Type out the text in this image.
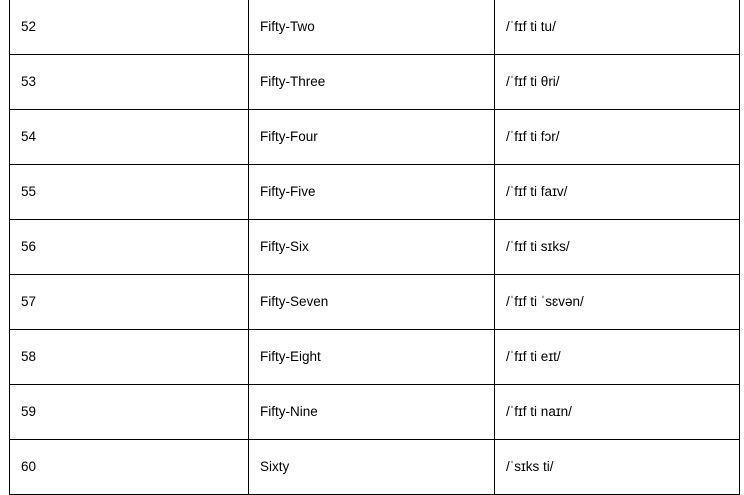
52	Fifty-Two	/ˈfɪf ti tu/
53	Fifty-Three	/ˈfɪf ti θri/
54	Fifty-Four	/ˈfɪf ti fɔr/
55	Fifty-Five	/ˈfɪf ti faɪv/
56	Fifty-Six	/ˈfɪf ti sɪks/
57	Fifty-Seven	/ˈfɪf ti ˈsɛvən/
58	Fifty-Eight	/ˈfɪf ti eɪt/
59	Fifty-Nine	/ˈfɪf ti naɪn/
60	Sixty	/ˈsɪks ti/
